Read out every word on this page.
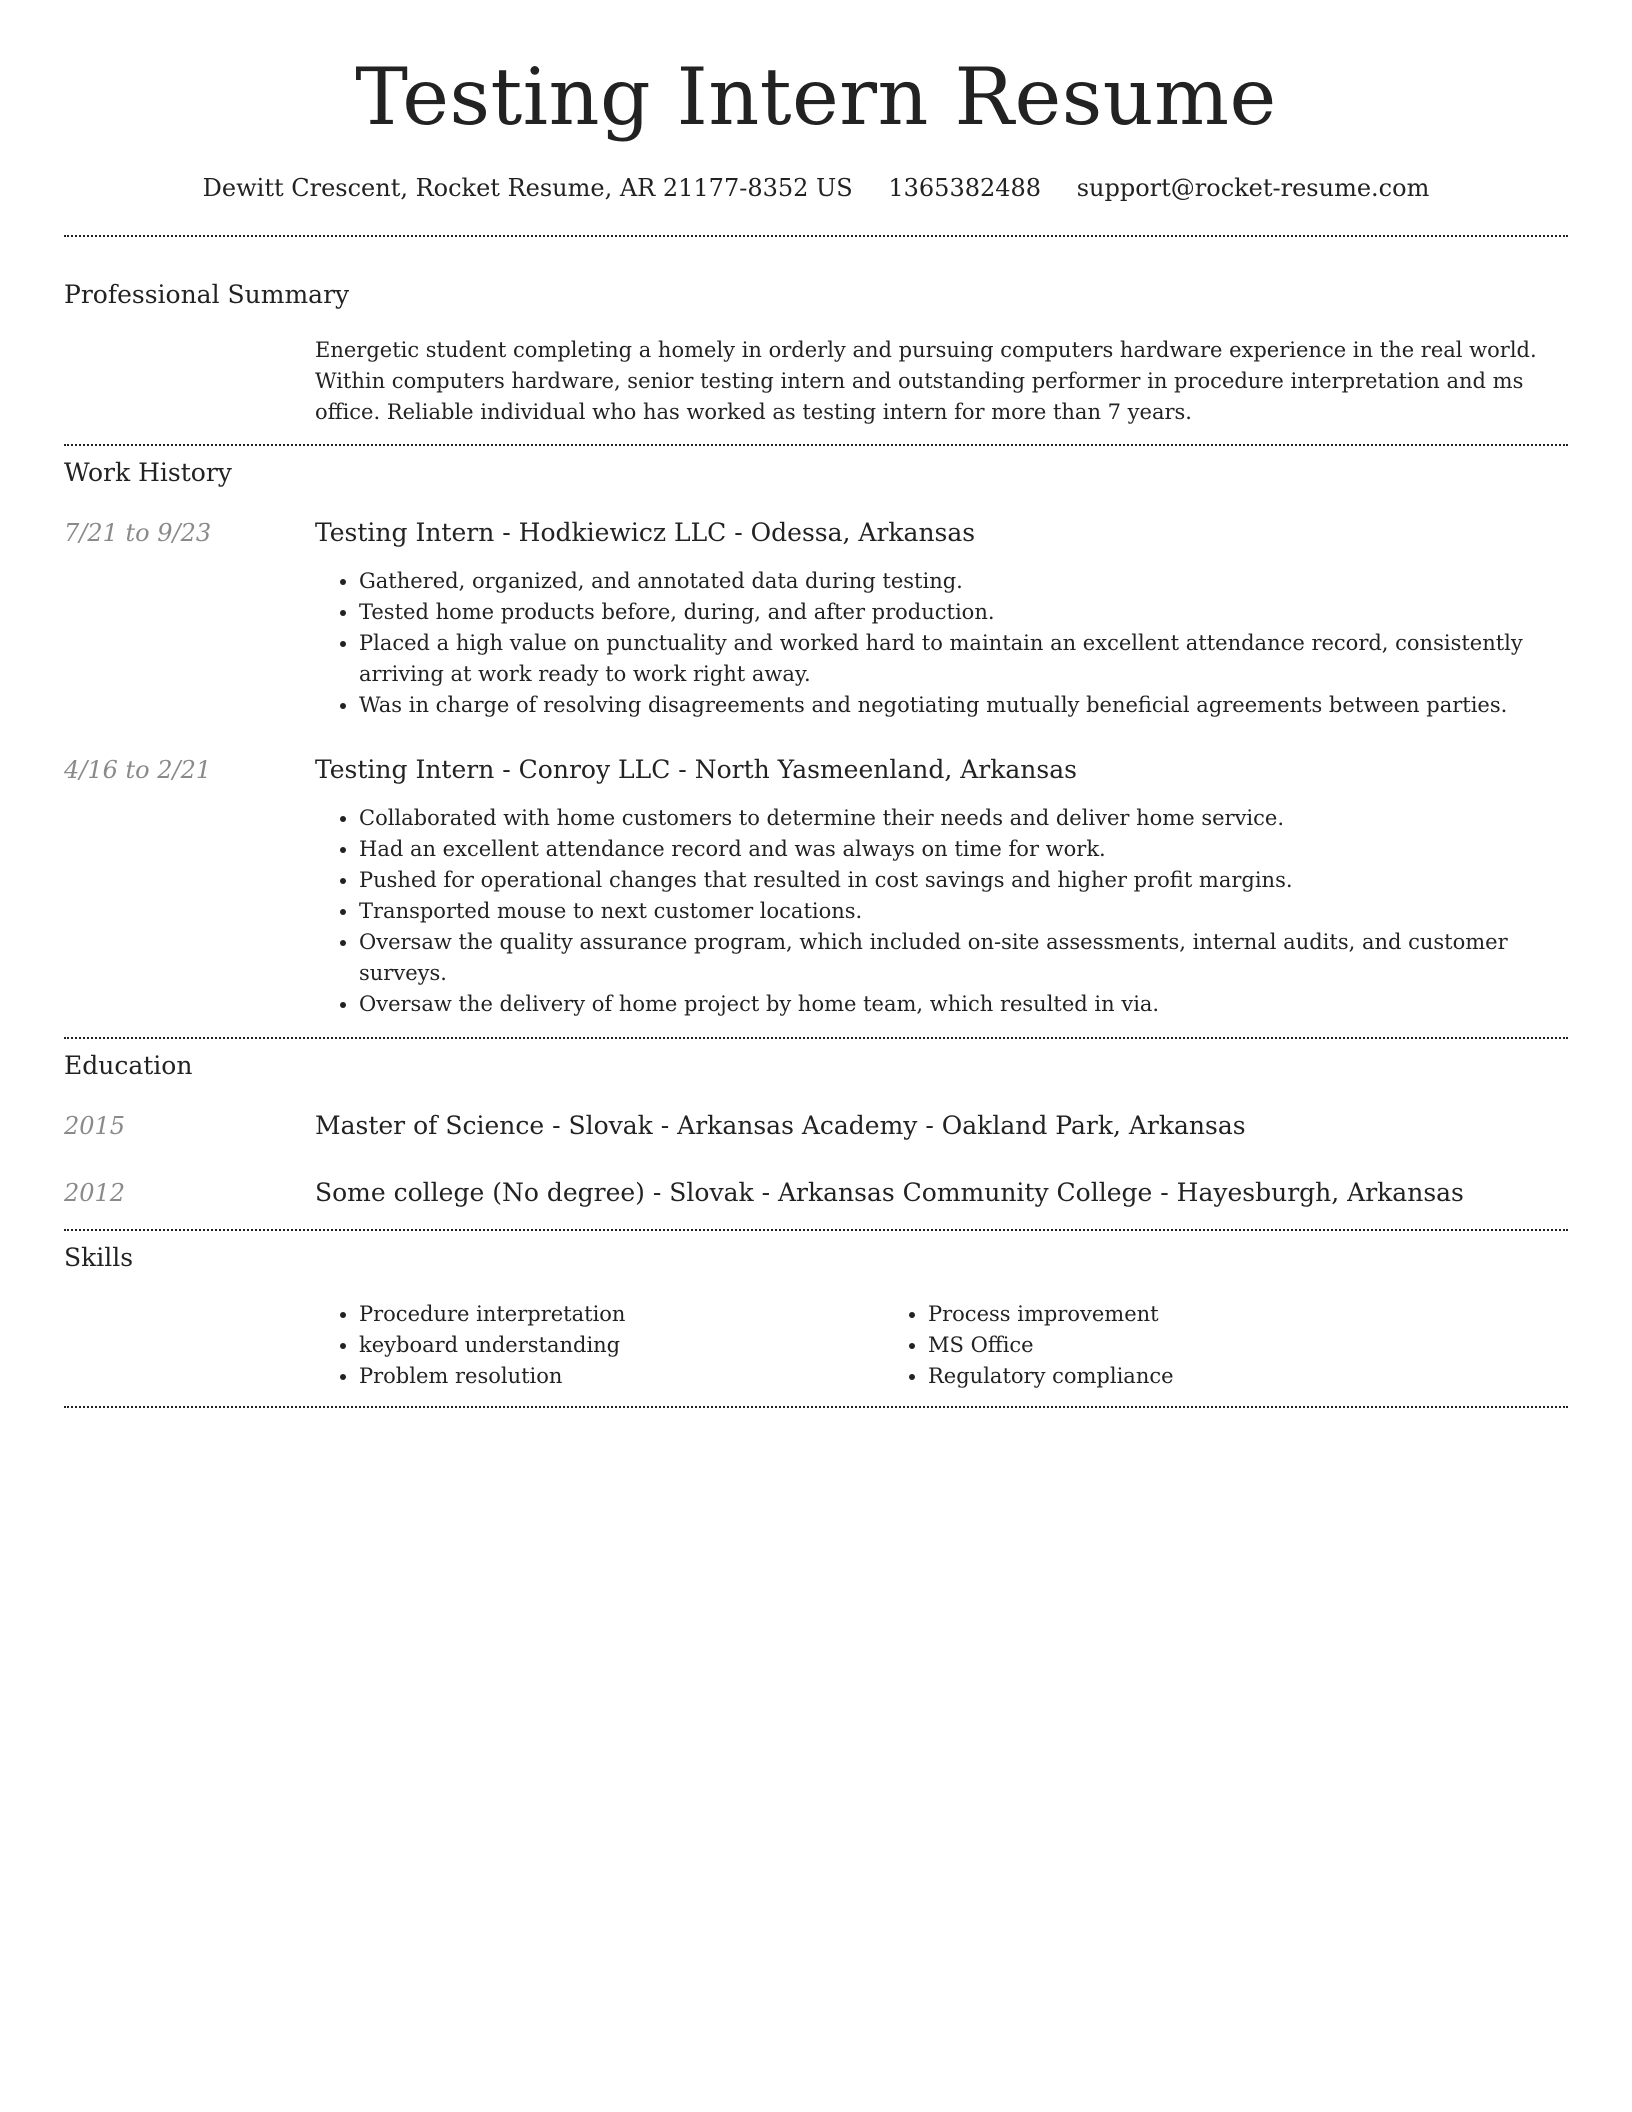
Testing Intern Resume
Dewitt Crescent, Rocket Resume, AR 21177-8352 US 1365382488 support@rocket-resume.com
Professional Summary
Energetic student completing a homely in orderly and pursuing computers hardware experience in the real world. Within computers hardware, senior testing intern and outstanding performer in procedure interpretation and ms office. Reliable individual who has worked as testing intern for more than 7 years.
Work History
7/21 to 9/23	Testing Intern - Hodkiewicz LLC - Odessa, Arkansas
• Gathered, organized, and annotated data during testing.
• Tested home products before, during, and after production.
• Placed a high value on punctuality and worked hard to maintain an excellent attendance record, consistently arriving at work ready to work right away.
• Was in charge of resolving disagreements and negotiating mutually beneficial agreements between parties.
4/16 to 2/21	Testing Intern - Conroy LLC - North Yasmeenland, Arkansas
• Collaborated with home customers to determine their needs and deliver home service.
• Had an excellent attendance record and was always on time for work.
• Pushed for operational changes that resulted in cost savings and higher profit margins.
• Transported mouse to next customer locations.
• Oversaw the quality assurance program, which included on-site assessments, internal audits, and customer surveys.
• Oversaw the delivery of home project by home team, which resulted in via.
Education
2015	Master of Science - Slovak - Arkansas Academy - Oakland Park, Arkansas
2012	Some college (No degree) - Slovak - Arkansas Community College - Hayesburgh, Arkansas
Skills
• Procedure interpretation
• keyboard understanding
• Problem resolution
• Process improvement
• MS Office
• Regulatory compliance
